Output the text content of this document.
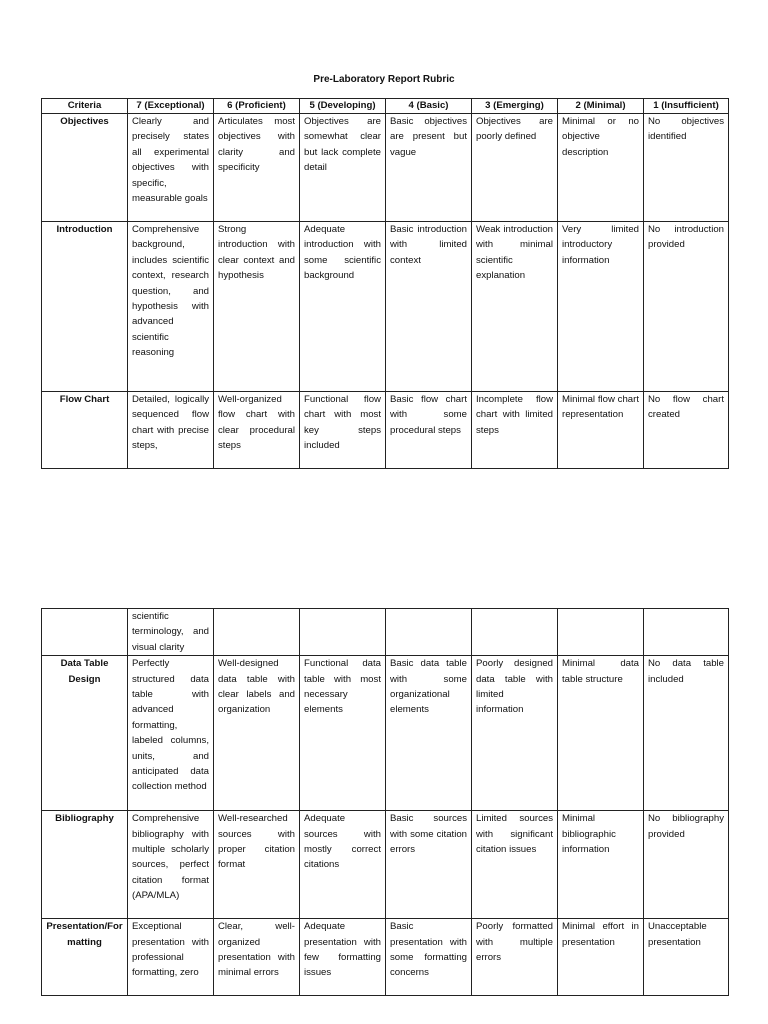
Pre-Laboratory Report Rubric
Criteria	7 (Exceptional)	6 (Proficient)	5 (Developing)	4 (Basic)	3 (Emerging)	2 (Minimal)	1 (Insufficient)
Objectives	Clearly and precisely states all experimental objectives with specific, measurable goals	Articulates most objectives with clarity and specificity	Objectives are somewhat clear but lack complete detail	Basic objectives are present but vague	Objectives are poorly defined	Minimal or no objective description	No objectives identified
Introduction	Comprehensive background, includes scientific context, research question, and hypothesis with advanced scientific reasoning	Strong introduction with clear context and hypothesis	Adequate introduction with some scientific background	Basic introduction with limited context	Weak introduction with minimal scientific explanation	Very limited introductory information	No introduction provided
Flow Chart	Detailed, logically sequenced flow chart with precise steps,	Well-organized flow chart with clear procedural steps	Functional flow chart with most key steps included	Basic flow chart with some procedural steps	Incomplete flow chart with limited steps	Minimal flow chart representation	No flow chart created
	scientific terminology, and visual clarity						
Data Table Design	Perfectly structured data table with advanced formatting, labeled columns, units, and anticipated data collection method	Well-designed data table with clear labels and organization	Functional data table with most necessary elements	Basic data table with some organizational elements	Poorly designed data table with limited information	Minimal data table structure	No data table included
Bibliography	Comprehensive bibliography with multiple scholarly sources, perfect citation format (APA/MLA)	Well-researched sources with proper citation format	Adequate sources with mostly correct citations	Basic sources with some citation errors	Limited sources with significant citation issues	Minimal bibliographic information	No bibliography provided
Presentation/Formatting	Exceptional presentation with professional formatting, zero	Clear, well-organized presentation with minimal errors	Adequate presentation with few formatting issues	Basic presentation with some formatting concerns	Poorly formatted with multiple errors	Minimal effort in presentation	Unacceptable presentation
